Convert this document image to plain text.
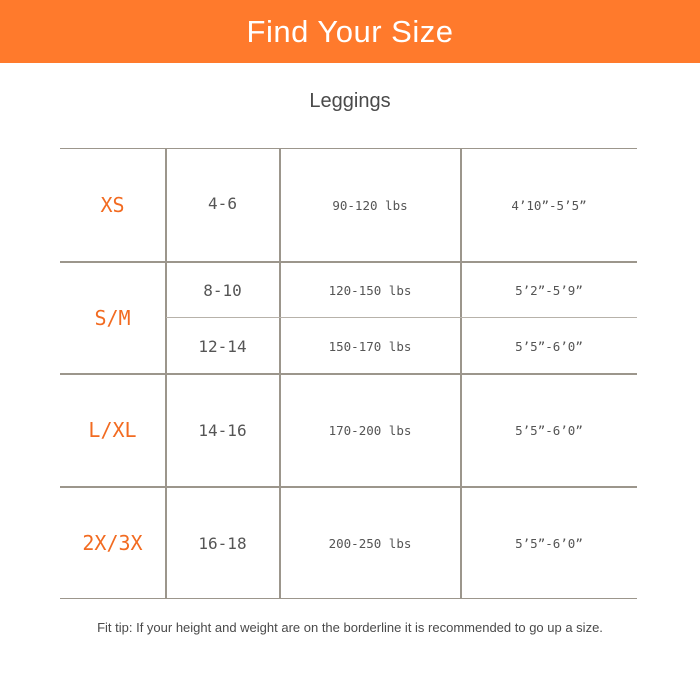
Find Your Size
Leggings
XS
S/M
L/XL
2X/3X
4-6
8-10
12-14
14-16
16-18
90-120 lbs
120-150 lbs
150-170 lbs
170-200 lbs
200-250 lbs
4’10”-5’5”
5’2”-5’9”
5’5”-6’0”
5’5”-6’0”
5’5”-6’0”
Fit tip: If your height and weight are on the borderline it is recommended to go up a size.
